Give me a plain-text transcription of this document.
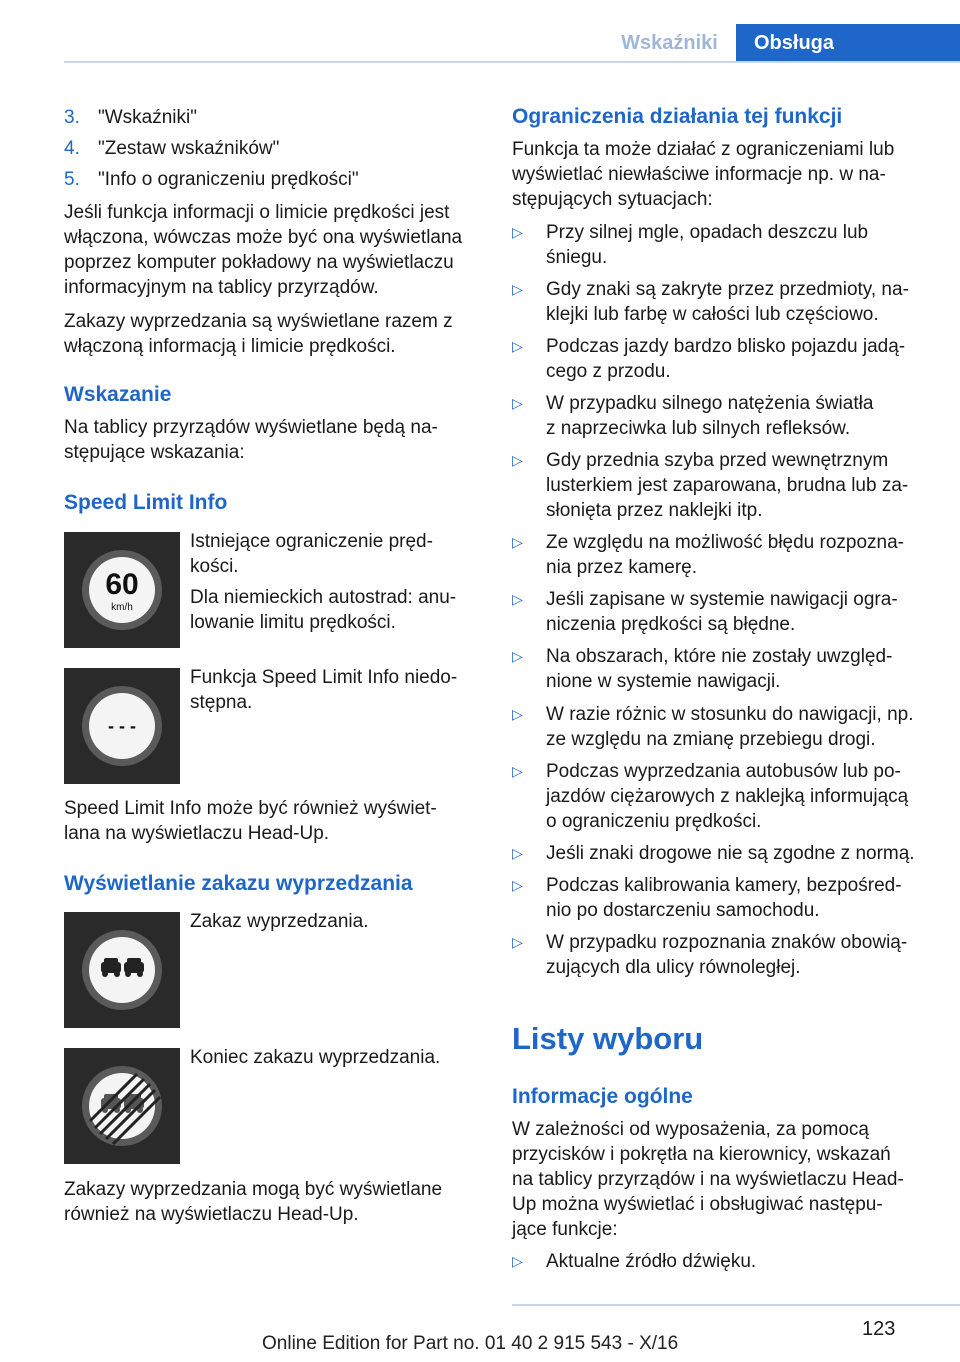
Wskaźniki	Obsługa
3. "Wskaźniki"
4. "Zestaw wskaźników"
5. "Info o ograniczeniu prędkości"
Jeśli funkcja informacji o limicie prędkości jest
włączona, wówczas może być ona wyświetlana
poprzez komputer pokładowy na wyświetlaczu
informacyjnym na tablicy przyrządów.
Zakazy wyprzedzania są wyświetlane razem z
włączoną informacją i limicie prędkości.
Wskazanie
Na tablicy przyrządów wyświetlane będą na‐
stępujące wskazania:
Speed Limit Info
60
km/h
Istniejące ograniczenie pręd‐
kości.
Dla niemieckich autostrad: anu‐
lowanie limitu prędkości.
- - -
Funkcja Speed Limit Info niedo‐
stępna.
Speed Limit Info może być również wyświet‐
lana na wyświetlaczu Head-Up.
Wyświetlanie zakazu wyprzedzania
Zakaz wyprzedzania.
Koniec zakazu wyprzedzania.
Zakazy wyprzedzania mogą być wyświetlane
również na wyświetlaczu Head-Up.
Ograniczenia działania tej funkcji
Funkcja ta może działać z ograniczeniami lub
wyświetlać niewłaściwe informacje np. w na‐
stępujących sytuacjach:
▷ Przy silnej mgle, opadach deszczu lub
śniegu.
▷ Gdy znaki są zakryte przez przedmioty, na‐
klejki lub farbę w całości lub częściowo.
▷ Podczas jazdy bardzo blisko pojazdu jadą‐
cego z przodu.
▷ W przypadku silnego natężenia światła
z naprzeciwka lub silnych refleksów.
▷ Gdy przednia szyba przed wewnętrznym
lusterkiem jest zaparowana, brudna lub za‐
słonięta przez naklejki itp.
▷ Ze względu na możliwość błędu rozpozna‐
nia przez kamerę.
▷ Jeśli zapisane w systemie nawigacji ogra‐
niczenia prędkości są błędne.
▷ Na obszarach, które nie zostały uwzględ‐
nione w systemie nawigacji.
▷ W razie różnic w stosunku do nawigacji, np.
ze względu na zmianę przebiegu drogi.
▷ Podczas wyprzedzania autobusów lub po‐
jazdów ciężarowych z naklejką informującą
o ograniczeniu prędkości.
▷ Jeśli znaki drogowe nie są zgodne z normą.
▷ Podczas kalibrowania kamery, bezpośred‐
nio po dostarczeniu samochodu.
▷ W przypadku rozpoznania znaków obowią‐
zujących dla ulicy równoległej.
Listy wyboru
Informacje ogólne
W zależności od wyposażenia, za pomocą
przycisków i pokrętła na kierownicy, wskazań
na tablicy przyrządów i na wyświetlaczu Head-
Up można wyświetlać i obsługiwać następu‐
jące funkcje:
▷ Aktualne źródło dźwięku.
123
Online Edition for Part no. 01 40 2 915 543 - X/16
